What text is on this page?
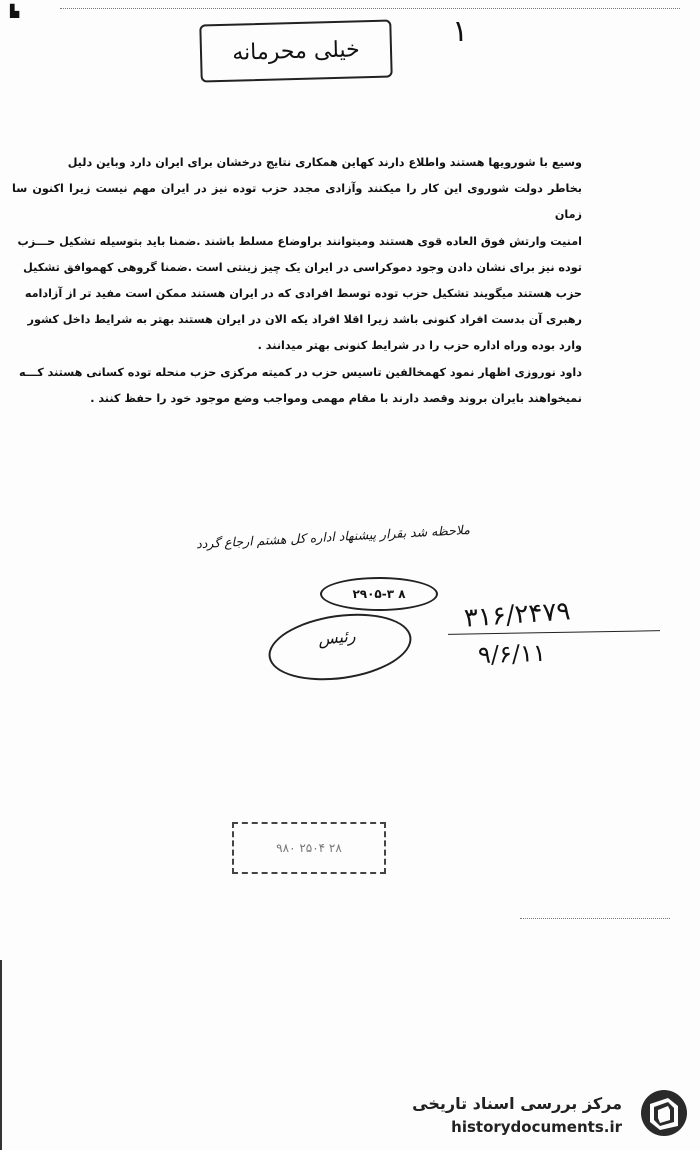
▙
۱
خیلی محرمانه

وسیع با شورویها هستند واطلاع دارند کهاین همکاری نتایج درخشان برای ایران دارد وباین دلیل

بخاطر دولت شوروی این کار را میکنند وآزادی مجدد حزب توده نیز در ایران مهم نیست زیرا اکنون سا زمان

امنیت وارتش فوق العاده قوی هستند ومیتوانند براوضاع مسلط باشند .ضمنا باید بتوسیله تشکیل حـــزب

توده نیز برای نشان دادن وجود دموکراسی در ایران یک چیز زینتی است .ضمنا گروهی کهموافق تشکیل

حزب هستند میگویند تشکیل حزب توده توسط افرادی که در ایران هستند ممکن است مفید تر از آزادامه

رهبری آن بدست افراد کنونی باشد زیرا اقلا افراد یکه الان در ایران هستند بهتر به شرایط داخل کشور

وارد بوده وراه اداره حزب را در شرایط کنونی بهتر میدانند .

داود نوروزی اظهار نمود کهمخالفین تاسیس حزب در کمیته مرکزی حزب منحله توده کسانی هستند کـــه

نمیخواهند بایران بروند وقصد دارند با مقام مهمی ومواجب وضع موجود خود را حفظ کنند .

ملاحظه شد بقرار پیشنهاد اداره کل هشتم ارجاع گردد
۲۹۰۵-۳ ۸
رئیس
۳۱۶/۲۴۷۹
۹/۶/۱۱
۹۸۰ ۲۵۰۴ ۲۸
مرکز بررسی اسناد تاریخی
historydocuments.ir
